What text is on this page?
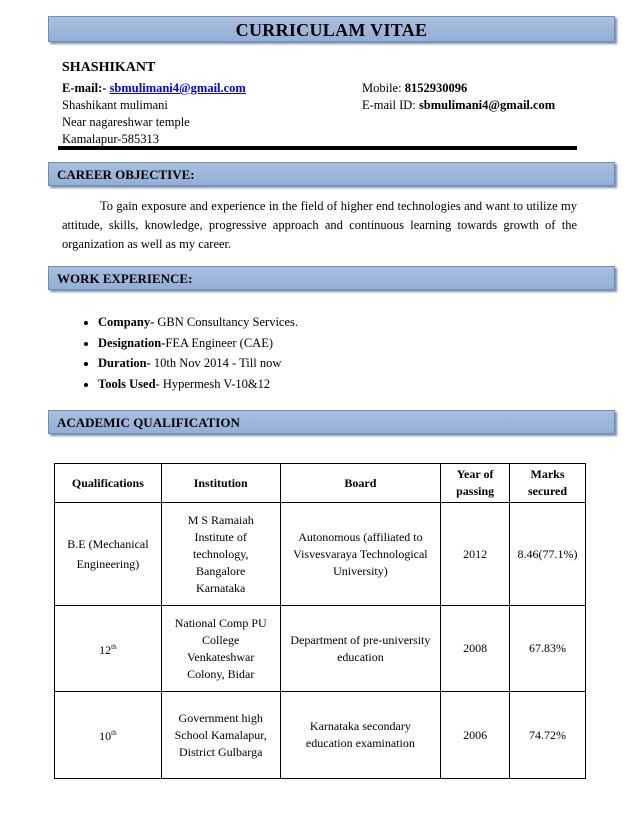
CURRICULAM VITAE
SHASHIKANT
E-mail:- sbmulimani4@gmail.com
Shashikant mulimani
Near nagareshwar temple
Kamalapur-585313
Mobile: 8152930096
E-mail ID: sbmulimani4@gmail.com
CAREER OBJECTIVE:
To gain exposure and experience in the field of higher end technologies and want to utilize my attitude, skills, knowledge, progressive approach and continuous learning towards growth of the organization as well as my career.
WORK EXPERIENCE:
• Company- GBN Consultancy Services.
• Designation-FEA Engineer (CAE)
• Duration- 10th Nov 2014 - Till now
• Tools Used- Hypermesh V-10&12
ACADEMIC QUALIFICATION
Qualifications	Institution	Board	Year of passing	Marks secured
B.E (Mechanical Engineering)	M S Ramaiah Institute of technology, Bangalore Karnataka	Autonomous (affiliated to Visvesvaraya Technological University)	2012	8.46(77.1%)
12th	National Comp PU College Venkateshwar Colony, Bidar	Department of pre-university education	2008	67.83%
10th	Government high School Kamalapur, District Gulbarga	Karnataka secondary education examination	2006	74.72%
